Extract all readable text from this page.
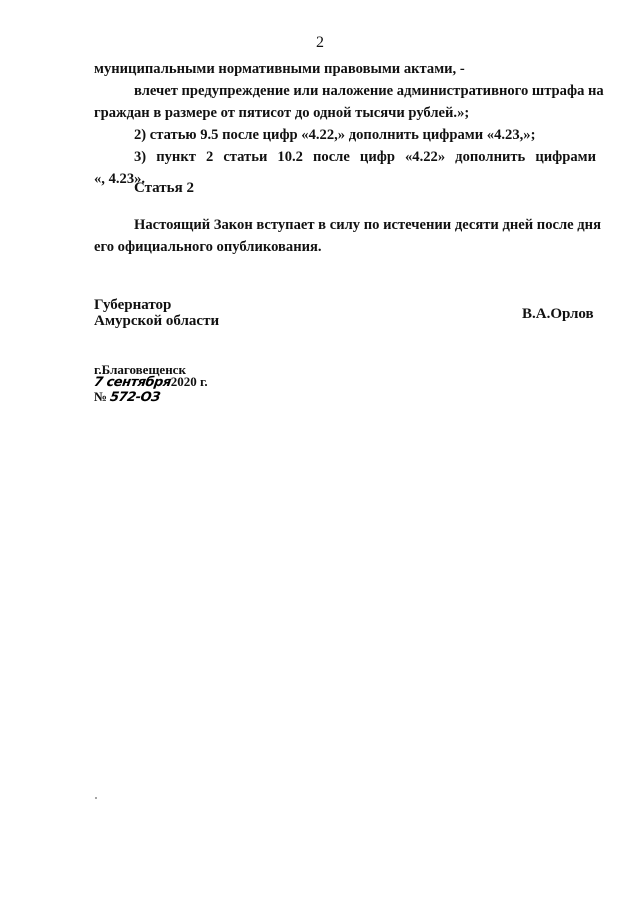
2
муниципальными нормативными правовыми актами, -
влечет предупреждение или наложение административного штрафа на
граждан в размере от пятисот до одной тысячи рублей.»;
2) статью 9.5 после цифр «4.22,» дополнить цифрами «4.23,»;
3) пункт 2 статьи 10.2 после цифр «4.22» дополнить цифрами
«, 4.23».
Статья 2
Настоящий Закон вступает в силу по истечении десяти дней после дня
его официального опубликования.
Губернатор
Амурской области	В.А.Орлов
г.Благовещенск
7 сентября
2020 г.
№
572-ОЗ
